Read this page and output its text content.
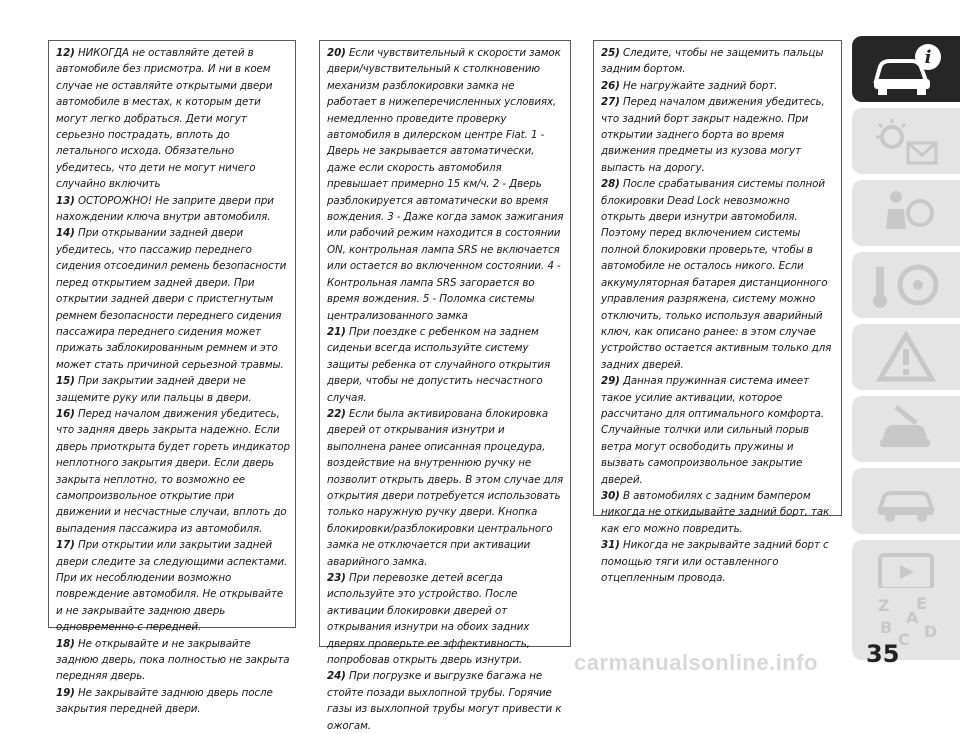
12) НИКОГДА не оставляйте детей в автомобиле без присмотра. И ни в коем случае не оставляйте открытыми двери автомобиле в местах, к которым дети могут легко добраться. Дети могут серьезно пострадать, вплоть до летального исхода. Обязательно убедитесь, что дети не могут ничего случайно включить

13) ОСТОРОЖНО! Не заприте двери при нахождении ключа внутри автомобиля.

14) При открывании задней двери убедитесь, что пассажир переднего сидения отсоединил ремень безопасности перед открытием задней двери. При открытии задней двери с пристегнутым ремнем безопасности переднего сидения пассажира переднего сидения может прижать заблокированным ремнем и это может стать причиной серьезной травмы.

15) При закрытии задней двери не защемите руку или пальцы в двери.

16) Перед началом движения убедитесь, что задняя дверь закрыта надежно. Если дверь приоткрыта будет гореть индикатор неплотного закрытия двери. Если дверь закрыта неплотно, то возможно ее самопроизвольное открытие при движении и несчастные случаи, вплоть до выпадения пассажира из автомобиля.

17) При открытии или закрытии задней двери следите за следующими аспектами. При их несоблюдении возможно повреждение автомобиля. Не открывайте и не закрывайте заднюю дверь одновременно с передней.

18) Не открывайте и не закрывайте заднюю дверь, пока полностью не закрыта передняя дверь.

19) Не закрывайте заднюю дверь после закрытия передней двери.

20) Если чувствительный к скорости замок двери/чувствительный к столкновению механизм разблокировки замка не работает в нижеперечисленных условиях, немедленно проведите проверку автомобиля в дилерском центре Fiat. 1 - Дверь не закрывается автоматически, даже если скорость автомобиля превышает примерно 15 км/ч. 2 - Дверь разблокируется автоматически во время вождения. 3 - Даже когда замок зажигания или рабочий режим находится в состоянии ON, контрольная лампа SRS не включается или остается во включенном состоянии. 4 - Контрольная лампа SRS загорается во время вождения. 5 - Поломка системы централизованного замка

21) При поездке с ребенком на заднем сиденьи всегда используйте систему защиты ребенка от случайного открытия двери, чтобы не допустить несчастного случая.

22) Если была активирована блокировка дверей от открывания изнутри и выполнена ранее описанная процедура, воздействие на внутреннюю ручку не позволит открыть дверь. В этом случае для открытия двери потребуется использовать только наружную ручку двери. Кнопка блокировки/разблокировки центрального замка не отключается при активации аварийного замка.

23) При перевозке детей всегда используйте это устройство. После активации блокировки дверей от открывания изнутри на обоих задних дверях проверьте ее эффективность, попробовав открыть дверь изнутри.

24) При погрузке и выгрузке багажа не стойте позади выхлопной трубы. Горячие газы из выхлопной трубы могут привести к ожогам.

25) Следите, чтобы не защемить пальцы задним бортом.

26) Не нагружайте задний борт.

27) Перед началом движения убедитесь, что задний борт закрыт надежно. При открытии заднего борта во время движения предметы из кузова могут выпасть на дорогу.

28) После срабатывания системы полной блокировки Dead Lock невозможно открыть двери изнутри автомобиля. Поэтому перед включением системы полной блокировки проверьте, чтобы в автомобиле не осталось никого. Если аккумуляторная батарея дистанционного управления разряжена, систему можно отключить, только используя аварийный ключ, как описано ранее: в этом случае устройство остается активным только для задних дверей.

29) Данная пружинная система имеет такое усилие активации, которое рассчитано для оптимального комфорта. Случайные толчки или сильный порыв ветра могут освободить пружины и вызвать самопроизвольное закрытие дверей.

30) В автомобилях с задним бампером никогда не откидывайте задний борт, так как его можно повредить.

31) Никогда не закрывайте задний борт с помощью тяги или оставленного отцепленным провода.

i
Z E
B
C D
A
carmanualsonline.info 35
